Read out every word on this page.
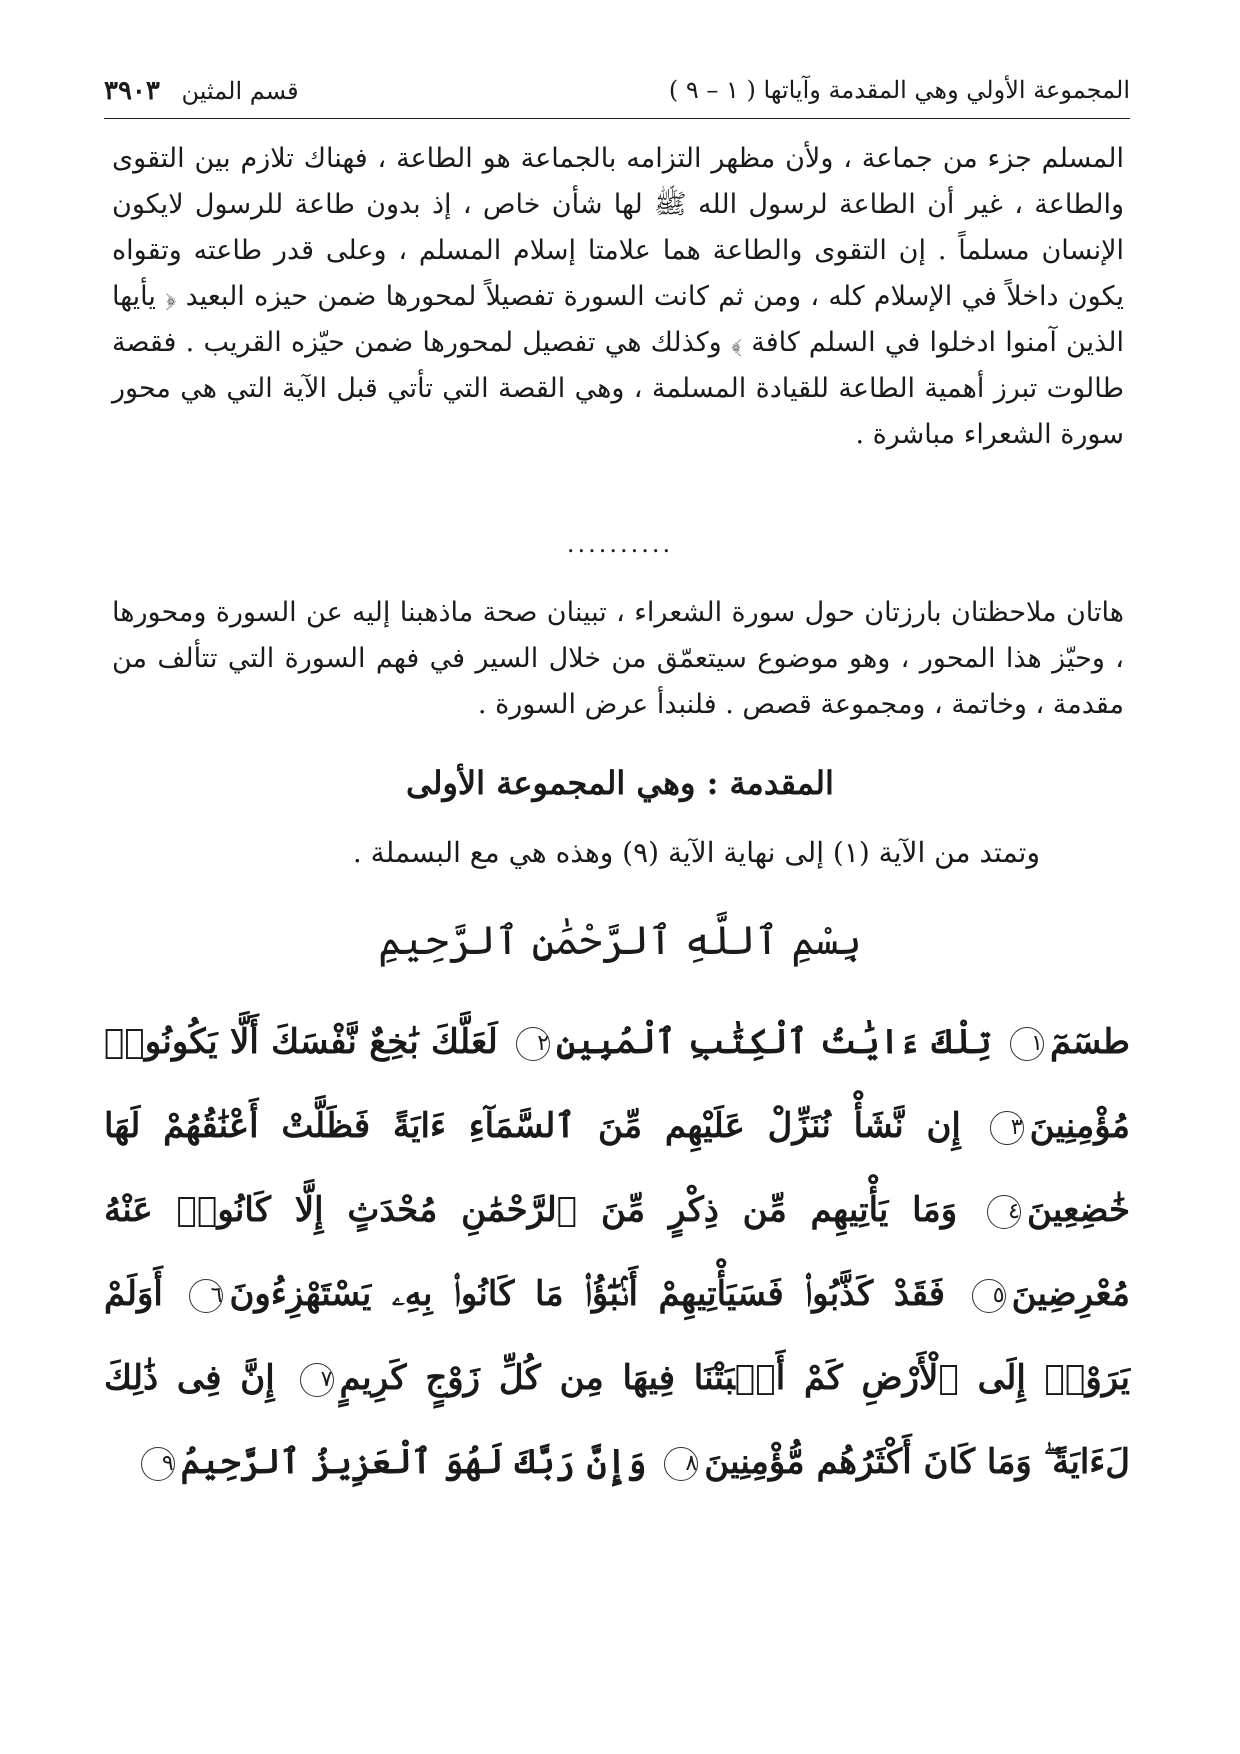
المجموعة الأولي وهي المقدمة وآياتها ( ١ – ٩ )
قسم المثين ٣٩٠٣
المسلم جزء من جماعة ، ولأن مظهر التزامه بالجماعة هو الطاعة ، فهناك تلازم بين التقوى والطاعة ، غير أن الطاعة لرسول الله ﷺ لها شأن خاص ، إذ بدون طاعة للرسول لايكون الإنسان مسلماً . إن التقوى والطاعة هما علامتا إسلام المسلم ، وعلى قدر طاعته وتقواه يكون داخلاً في الإسلام كله ، ومن ثم كانت السورة تفصيلاً لمحورها ضمن حيزه البعيد ﴿ يأيها الذين آمنوا ادخلوا في السلم كافة ﴾ وكذلك هي تفصيل لمحورها ضمن حيّزه القريب . فقصة طالوت تبرز أهمية الطاعة للقيادة المسلمة ، وهي القصة التي تأتي قبل الآية التي هي محور سورة الشعراء مباشرة .
..........
هاتان ملاحظتان بارزتان حول سورة الشعراء ، تبينان صحة ماذهبنا إليه عن السورة ومحورها ، وحيّز هذا المحور ، وهو موضوع سيتعمّق من خلال السير في فهم السورة التي تتألف من مقدمة ، وخاتمة ، ومجموعة قصص . فلنبدأ عرض السورة .
المقدمة : وهي المجموعة الأولى
وتمتد من الآية (١) إلى نهاية الآية (٩) وهذه هي مع البسملة .
بِسْمِ ٱللَّهِ ٱلرَّحْمَٰنِ ٱلرَّحِيمِ
طسٓمٓ١ تِلْكَ ءَايَٰتُ ٱلْكِتَٰبِ ٱلْمُبِينِ٢ لَعَلَّكَ بَٰخِعٌ نَّفْسَكَ أَلَّا يَكُونُوا۟ مُؤْمِنِينَ٣ إِن نَّشَأْ نُنَزِّلْ عَلَيْهِم مِّنَ ٱلسَّمَآءِ ءَايَةً فَظَلَّتْ أَعْنَٰقُهُمْ لَهَا خَٰضِعِينَ٤ وَمَا يَأْتِيهِم مِّن ذِكْرٍ مِّنَ ٱلرَّحْمَٰنِ مُحْدَثٍ إِلَّا كَانُوا۟ عَنْهُ مُعْرِضِينَ٥ فَقَدْ كَذَّبُوا۟ فَسَيَأْتِيهِمْ أَنۢبَٰٓؤُا۟ مَا كَانُوا۟ بِهِۦ يَسْتَهْزِءُونَ٦ أَوَلَمْ يَرَوْا۟ إِلَى ٱلْأَرْضِ كَمْ أَنۢبَتْنَا فِيهَا مِن كُلِّ زَوْجٍ كَرِيمٍ٧ إِنَّ فِى ذَٰلِكَ لَءَايَةً ۖ وَمَا كَانَ أَكْثَرُهُم مُّؤْمِنِينَ٨ وَإِنَّ رَبَّكَ لَهُوَ ٱلْعَزِيزُ ٱلرَّحِيمُ٩
